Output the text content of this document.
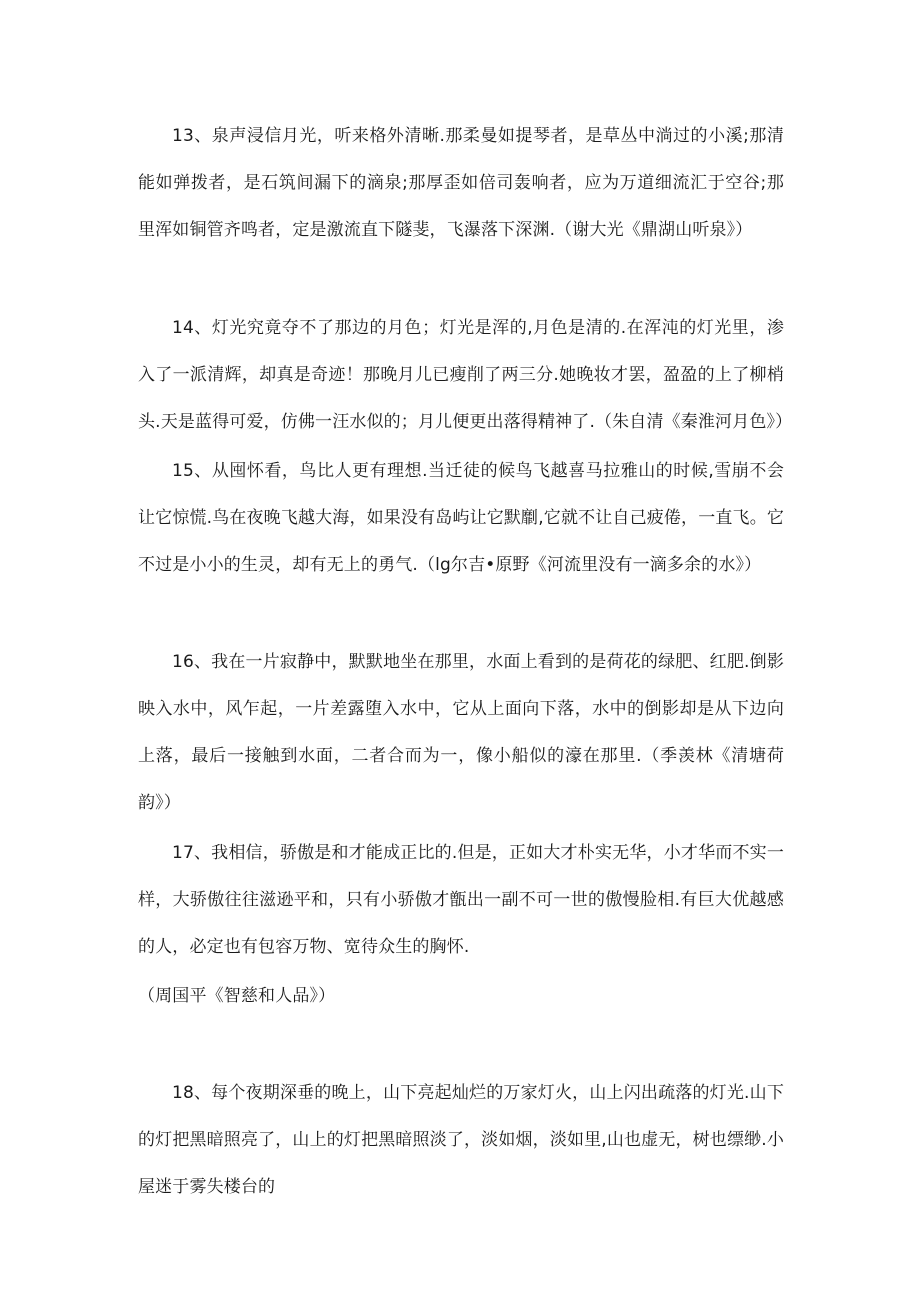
13、泉声浸信月光，听来格外清晰.那柔曼如提琴者，是草丛中淌过的小溪;那清能如弹拨者，是石筑间漏下的滴泉;那厚歪如倍司轰响者，应为万道细流汇于空谷;那里浑如铜管齐鸣者，定是激流直下隧斐，飞瀑落下深渊.（谢大光《鼎湖山听泉》）

14、灯光究竟夺不了那边的月色；灯光是浑的,月色是清的.在浑沌的灯光里，渗入了一派清辉，却真是奇迹！那晚月儿已瘦削了两三分.她晚妆才罢，盈盈的上了柳梢头.天是蓝得可爱，仿佛一汪水似的；月儿便更出落得精神了.（朱自清《秦淮河月色》）

15、从囤怀看，鸟比人更有理想.当迁徒的候鸟飞越喜马拉雅山的时候,雪崩不会让它惊慌.鸟在夜晚飞越大海，如果没有岛屿让它默劘,它就不让自己疲倦，一直飞。它不过是小小的生灵，却有无上的勇气.（lg尔吉•原野《河流里没有一滴多余的水》）

16、我在一片寂静中，默默地坐在那里，水面上看到的是荷花的绿肥、红肥.倒影映入水中，风乍起，一片差露堕入水中，它从上面向下落，水中的倒影却是从下边向上落，最后一接触到水面，二者合而为一，像小船似的濠在那里.（季羡林《清塘荷韵》）

17、我相信，骄傲是和才能成正比的.但是，正如大才朴实无华，小才华而不实一样，大骄傲往往滋逊平和，只有小骄傲才甑出一副不可一世的傲慢脸相.有巨大优越感的人，必定也有包容万物、宽待众生的胸怀.

（周国平《智慈和人品》）

18、每个夜期深垂的晚上，山下亮起灿烂的万家灯火，山上闪出疏落的灯光.山下的灯把黑暗照亮了，山上的灯把黑暗照淡了，淡如烟，淡如里,山也虚无，树也缥缈.小屋迷于雾失楼台的
